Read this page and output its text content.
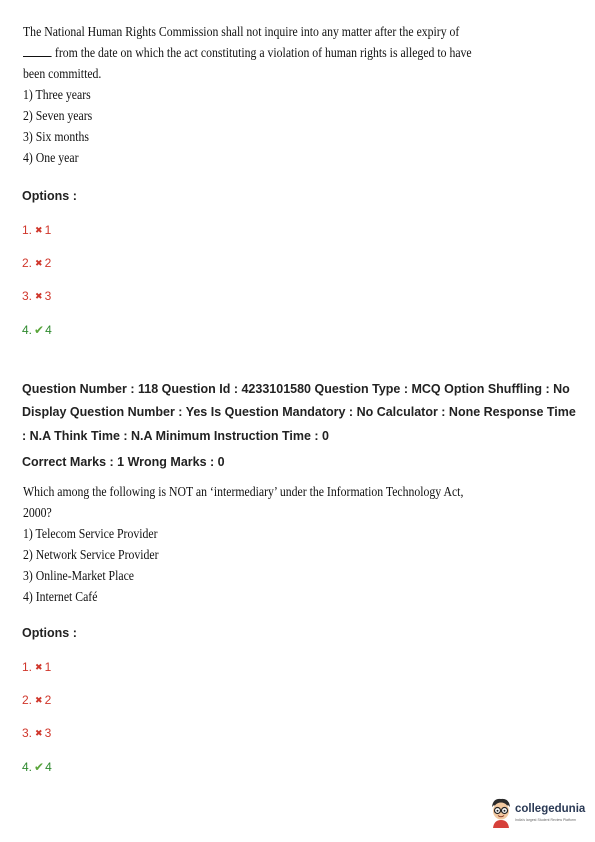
The National Human Rights Commission shall not inquire into any matter after the expiry of
from the date on which the act constituting a violation of human rights is alleged to have
been committed.
1) Three years
2) Seven years
3) Six months
4) One year
Options :
1. ✖ 1
2. ✖ 2
3. ✖ 3
4. ✔4
Question Number : 118 Question Id : 4233101580 Question Type : MCQ Option Shuffling : No
Display Question Number : Yes Is Question Mandatory : No Calculator : None Response Time
: N.A Think Time : N.A Minimum Instruction Time : 0
Correct Marks : 1 Wrong Marks : 0
Which among the following is NOT an ‘intermediary’ under the Information Technology Act,
2000?
1) Telecom Service Provider
2) Network Service Provider
3) Online-Market Place
4) Internet Café
Options :
1. ✖ 1
2. ✖ 2
3. ✖ 3
4. ✔4
collegedunia
India's largest Student Review Platform
